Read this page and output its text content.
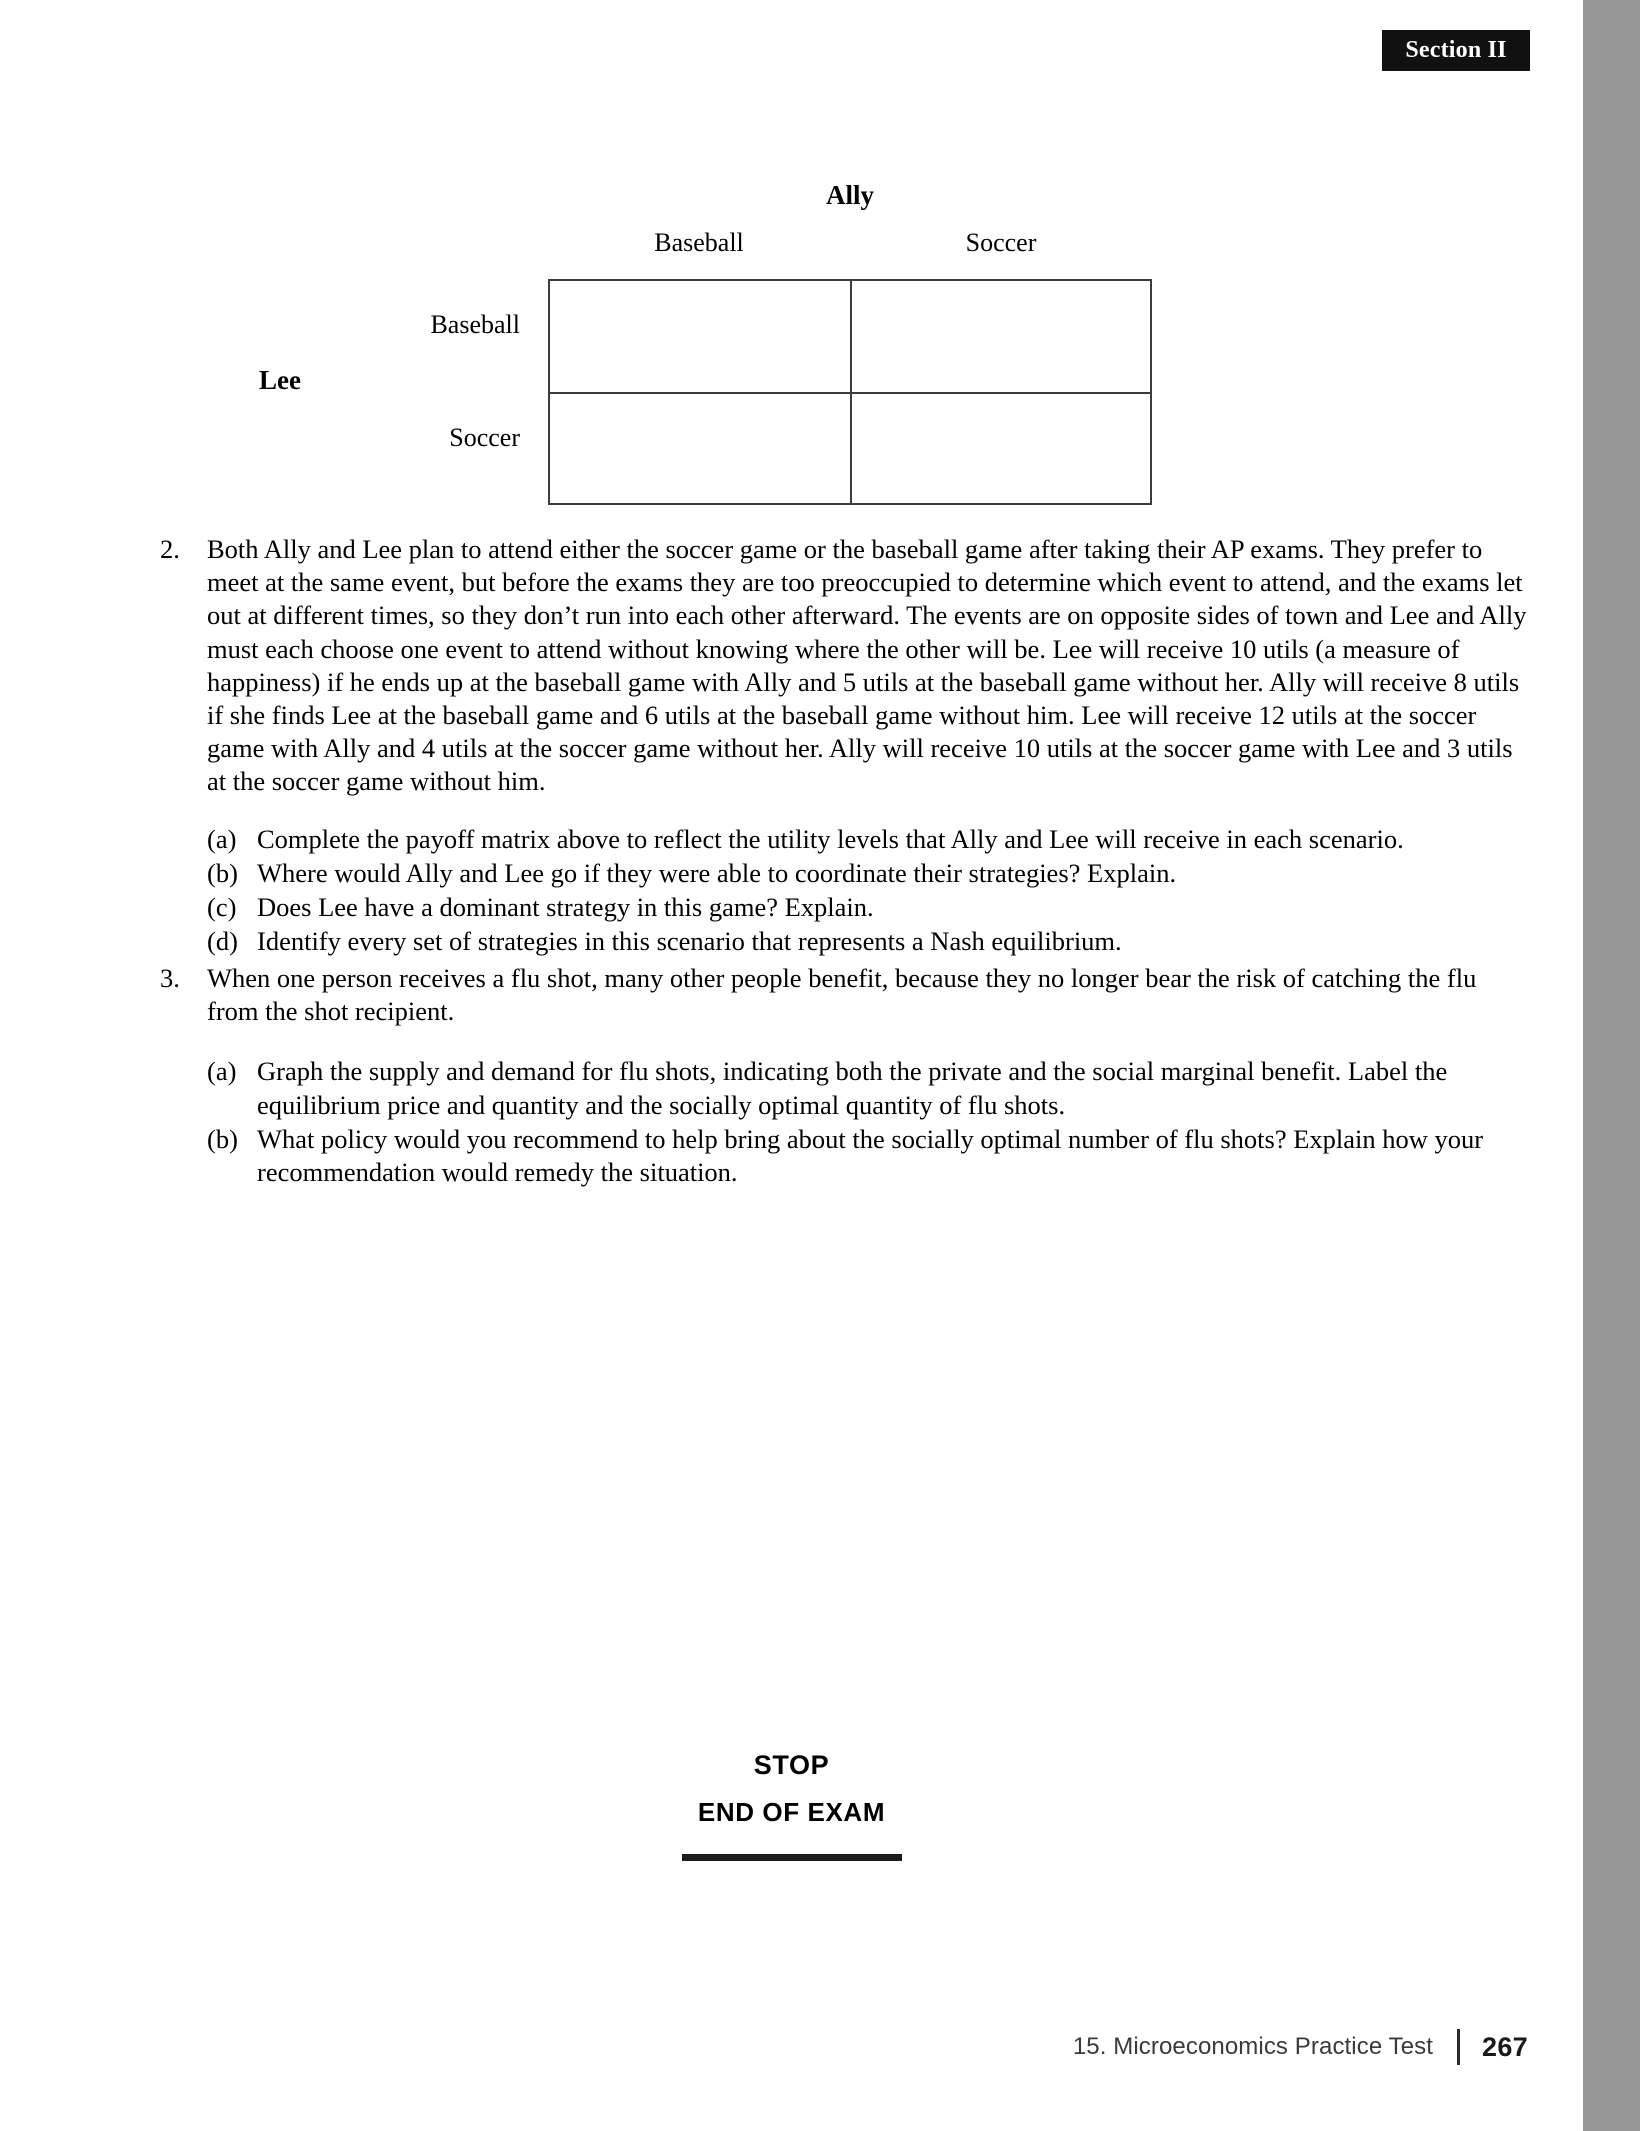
Section II
Ally
Baseball	Soccer
Lee
Baseball
Soccer
2.	Both Ally and Lee plan to attend either the soccer game or the baseball game after taking their AP exams. They prefer to meet at the same event, but before the exams they are too preoccupied to determine which event to attend, and the exams let out at different times, so they don’t run into each other afterward. The events are on opposite sides of town and Lee and Ally must each choose one event to attend without knowing where the other will be. Lee will receive 10 utils (a measure of happiness) if he ends up at the baseball game with Ally and 5 utils at the baseball game without her. Ally will receive 8 utils if she finds Lee at the baseball game and 6 utils at the baseball game without him. Lee will receive 12 utils at the soccer game with Ally and 4 utils at the soccer game without her. Ally will receive 10 utils at the soccer game with Lee and 3 utils at the soccer game without him.
(a) Complete the payoff matrix above to reflect the utility levels that Ally and Lee will receive in each scenario.
(b) Where would Ally and Lee go if they were able to coordinate their strategies? Explain.
(c) Does Lee have a dominant strategy in this game? Explain.
(d) Identify every set of strategies in this scenario that represents a Nash equilibrium.
3.	When one person receives a flu shot, many other people benefit, because they no longer bear the risk of catching the flu from the shot recipient.
(a) Graph the supply and demand for flu shots, indicating both the private and the social marginal benefit. Label the equilibrium price and quantity and the socially optimal quantity of flu shots.
(b) What policy would you recommend to help bring about the socially optimal number of flu shots? Explain how your recommendation would remedy the situation.
STOP
END OF EXAM
15. Microeconomics Practice Test 267
